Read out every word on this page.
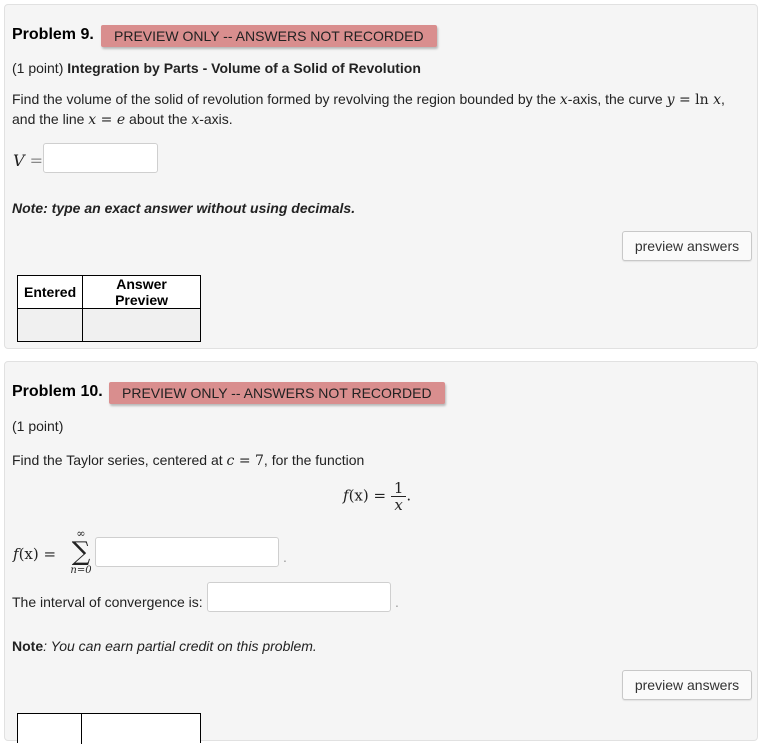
Problem 9.	PREVIEW ONLY -- ANSWERS NOT RECORDED
(1 point) Integration by Parts - Volume of a Solid of Revolution
Find the volume of the solid of revolution formed by revolving the region bounded by the x-axis, the curve y = ln x,
and the line x = e about the x-axis.
V =
Note: type an exact answer without using decimals.
preview answers
Entered	Answer Preview

Problem 10.	PREVIEW ONLY -- ANSWERS NOT RECORDED
(1 point)
Find the Taylor series, centered at c = 7, for the function
$f(x) = \frac{1}{x}$ .
f(x) =
∞
∑
n=0
.
The interval of convergence is:	.
Note: You can earn partial credit on this problem.
preview answers
